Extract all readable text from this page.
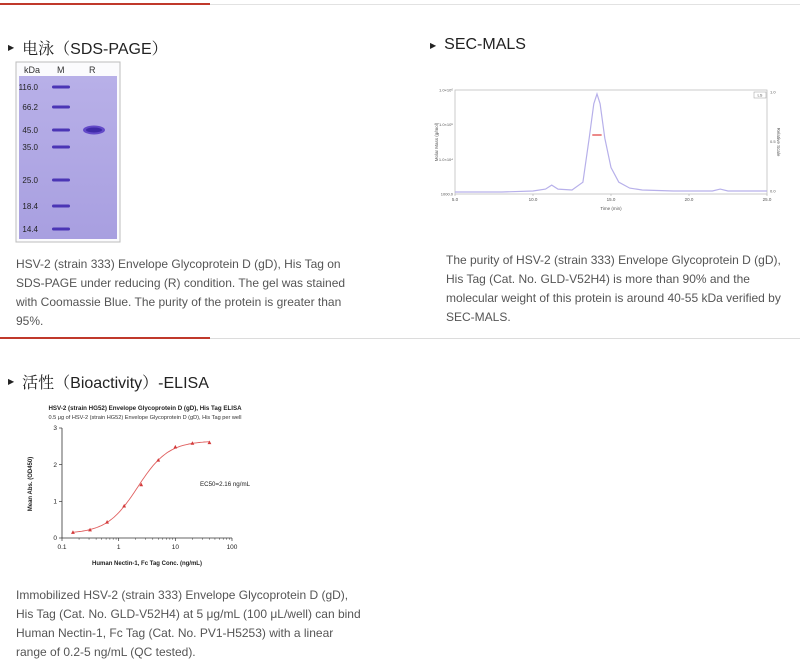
▶ 电泳（SDS-PAGE）
kDa M	R
116.0
66.2
45.0
35.0
25.0
18.4
14.4
HSV-2 (strain 333) Envelope Glycoprotein D (gD), His Tag on SDS-PAGE under reducing (R) condition. The gel was stained with Coomassie Blue. The purity of the protein is greater than 95%.
▶ SEC-MALS
5.0	10.0	15.0	20.0	25.0
1.0×10⁶
1.0×10⁵
1.0×10⁴
1000.0
1.0
0.5
0.0
Molar Mass (g/mol)	Relative Scale
Time (min)
LS
The purity of HSV-2 (strain 333) Envelope Glycoprotein D (gD), His Tag (Cat. No. GLD-V52H4) is more than 90% and the molecular weight of this protein is around 40-55 kDa verified by SEC-MALS.
▶ 活性（Bioactivity）-ELISA
HSV-2 (strain HG52) Envelope Glycoprotein D (gD), His Tag ELISA
0.5 μg of HSV-2 (strain HG52) Envelope Glycoprotein D (gD), His Tag per well
0.1	1	10	100
0
1
2
3
Mean Abs. (OD450)
Human Nectin-1, Fc Tag Conc. (ng/mL)
EC50=2.16 ng/mL
Immobilized HSV-2 (strain 333) Envelope Glycoprotein D (gD), His Tag (Cat. No. GLD-V52H4) at 5 μg/mL (100 μL/well) can bind Human Nectin-1, Fc Tag (Cat. No. PV1-H5253) with a linear range of 0.2-5 ng/mL (QC tested).
